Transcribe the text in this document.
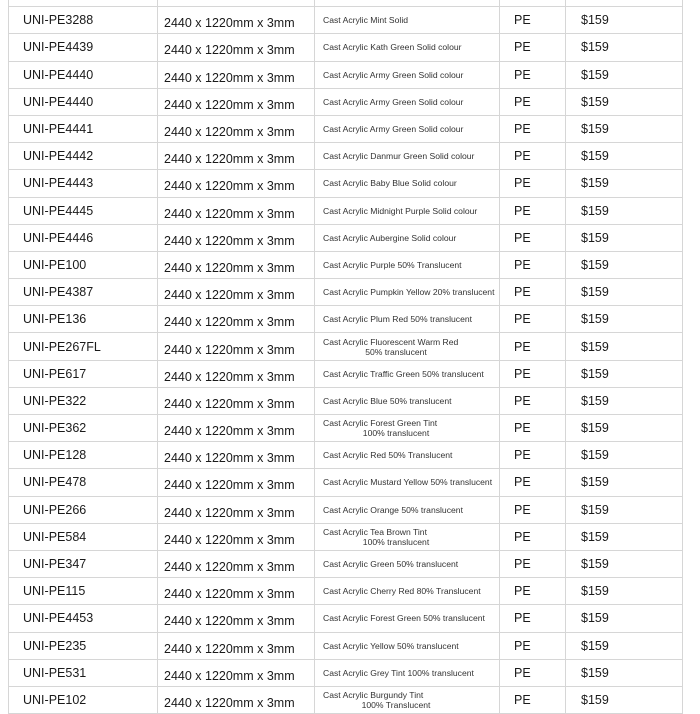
UNI-PE3288	2440 x 1220mm x 3mm	Cast Acrylic Mint Solid	PE	$159
UNI-PE4439	2440 x 1220mm x 3mm	Cast Acrylic Kath Green Solid colour	PE	$159
UNI-PE4440	2440 x 1220mm x 3mm	Cast Acrylic Army Green Solid colour	PE	$159
UNI-PE4440	2440 x 1220mm x 3mm	Cast Acrylic Army Green Solid colour	PE	$159
UNI-PE4441	2440 x 1220mm x 3mm	Cast Acrylic Army Green Solid colour	PE	$159
UNI-PE4442	2440 x 1220mm x 3mm	Cast Acrylic Danmur Green Solid colour	PE	$159
UNI-PE4443	2440 x 1220mm x 3mm	Cast Acrylic Baby Blue Solid colour	PE	$159
UNI-PE4445	2440 x 1220mm x 3mm	Cast Acrylic Midnight Purple Solid colour	PE	$159
UNI-PE4446	2440 x 1220mm x 3mm	Cast Acrylic Aubergine Solid colour	PE	$159
UNI-PE100	2440 x 1220mm x 3mm	Cast Acrylic Purple 50% Translucent	PE	$159
UNI-PE4387	2440 x 1220mm x 3mm	Cast Acrylic Pumpkin Yellow 20% translucent	PE	$159
UNI-PE136	2440 x 1220mm x 3mm	Cast Acrylic Plum Red 50% translucent	PE	$159
UNI-PE267FL	2440 x 1220mm x 3mm
Cast Acrylic Fluorescent Warm Red
50% translucent	PE	$159
UNI-PE617	2440 x 1220mm x 3mm	Cast Acrylic Traffic Green 50% translucent	PE	$159
UNI-PE322	2440 x 1220mm x 3mm	Cast Acrylic Blue 50% translucent	PE	$159
UNI-PE362	2440 x 1220mm x 3mm
Cast Acrylic Forest Green Tint
100% translucent	PE	$159
UNI-PE128	2440 x 1220mm x 3mm	Cast Acrylic Red 50% Translucent	PE	$159
UNI-PE478	2440 x 1220mm x 3mm	Cast Acrylic Mustard Yellow 50% translucent	PE	$159
UNI-PE266	2440 x 1220mm x 3mm	Cast Acrylic Orange 50% translucent	PE	$159
UNI-PE584	2440 x 1220mm x 3mm
Cast Acrylic Tea Brown Tint
100% translucent	PE	$159
UNI-PE347	2440 x 1220mm x 3mm	Cast Acrylic Green 50% translucent	PE	$159
UNI-PE115	2440 x 1220mm x 3mm	Cast Acrylic Cherry Red 80% Translucent	PE	$159
UNI-PE4453	2440 x 1220mm x 3mm	Cast Acrylic Forest Green 50% translucent	PE	$159
UNI-PE235	2440 x 1220mm x 3mm	Cast Acrylic Yellow 50% translucent	PE	$159
UNI-PE531	2440 x 1220mm x 3mm	Cast Acrylic Grey Tint 100% translucent	PE	$159
UNI-PE102	2440 x 1220mm x 3mm
Cast Acrylic Burgundy Tint
100% Translucent	PE	$159
